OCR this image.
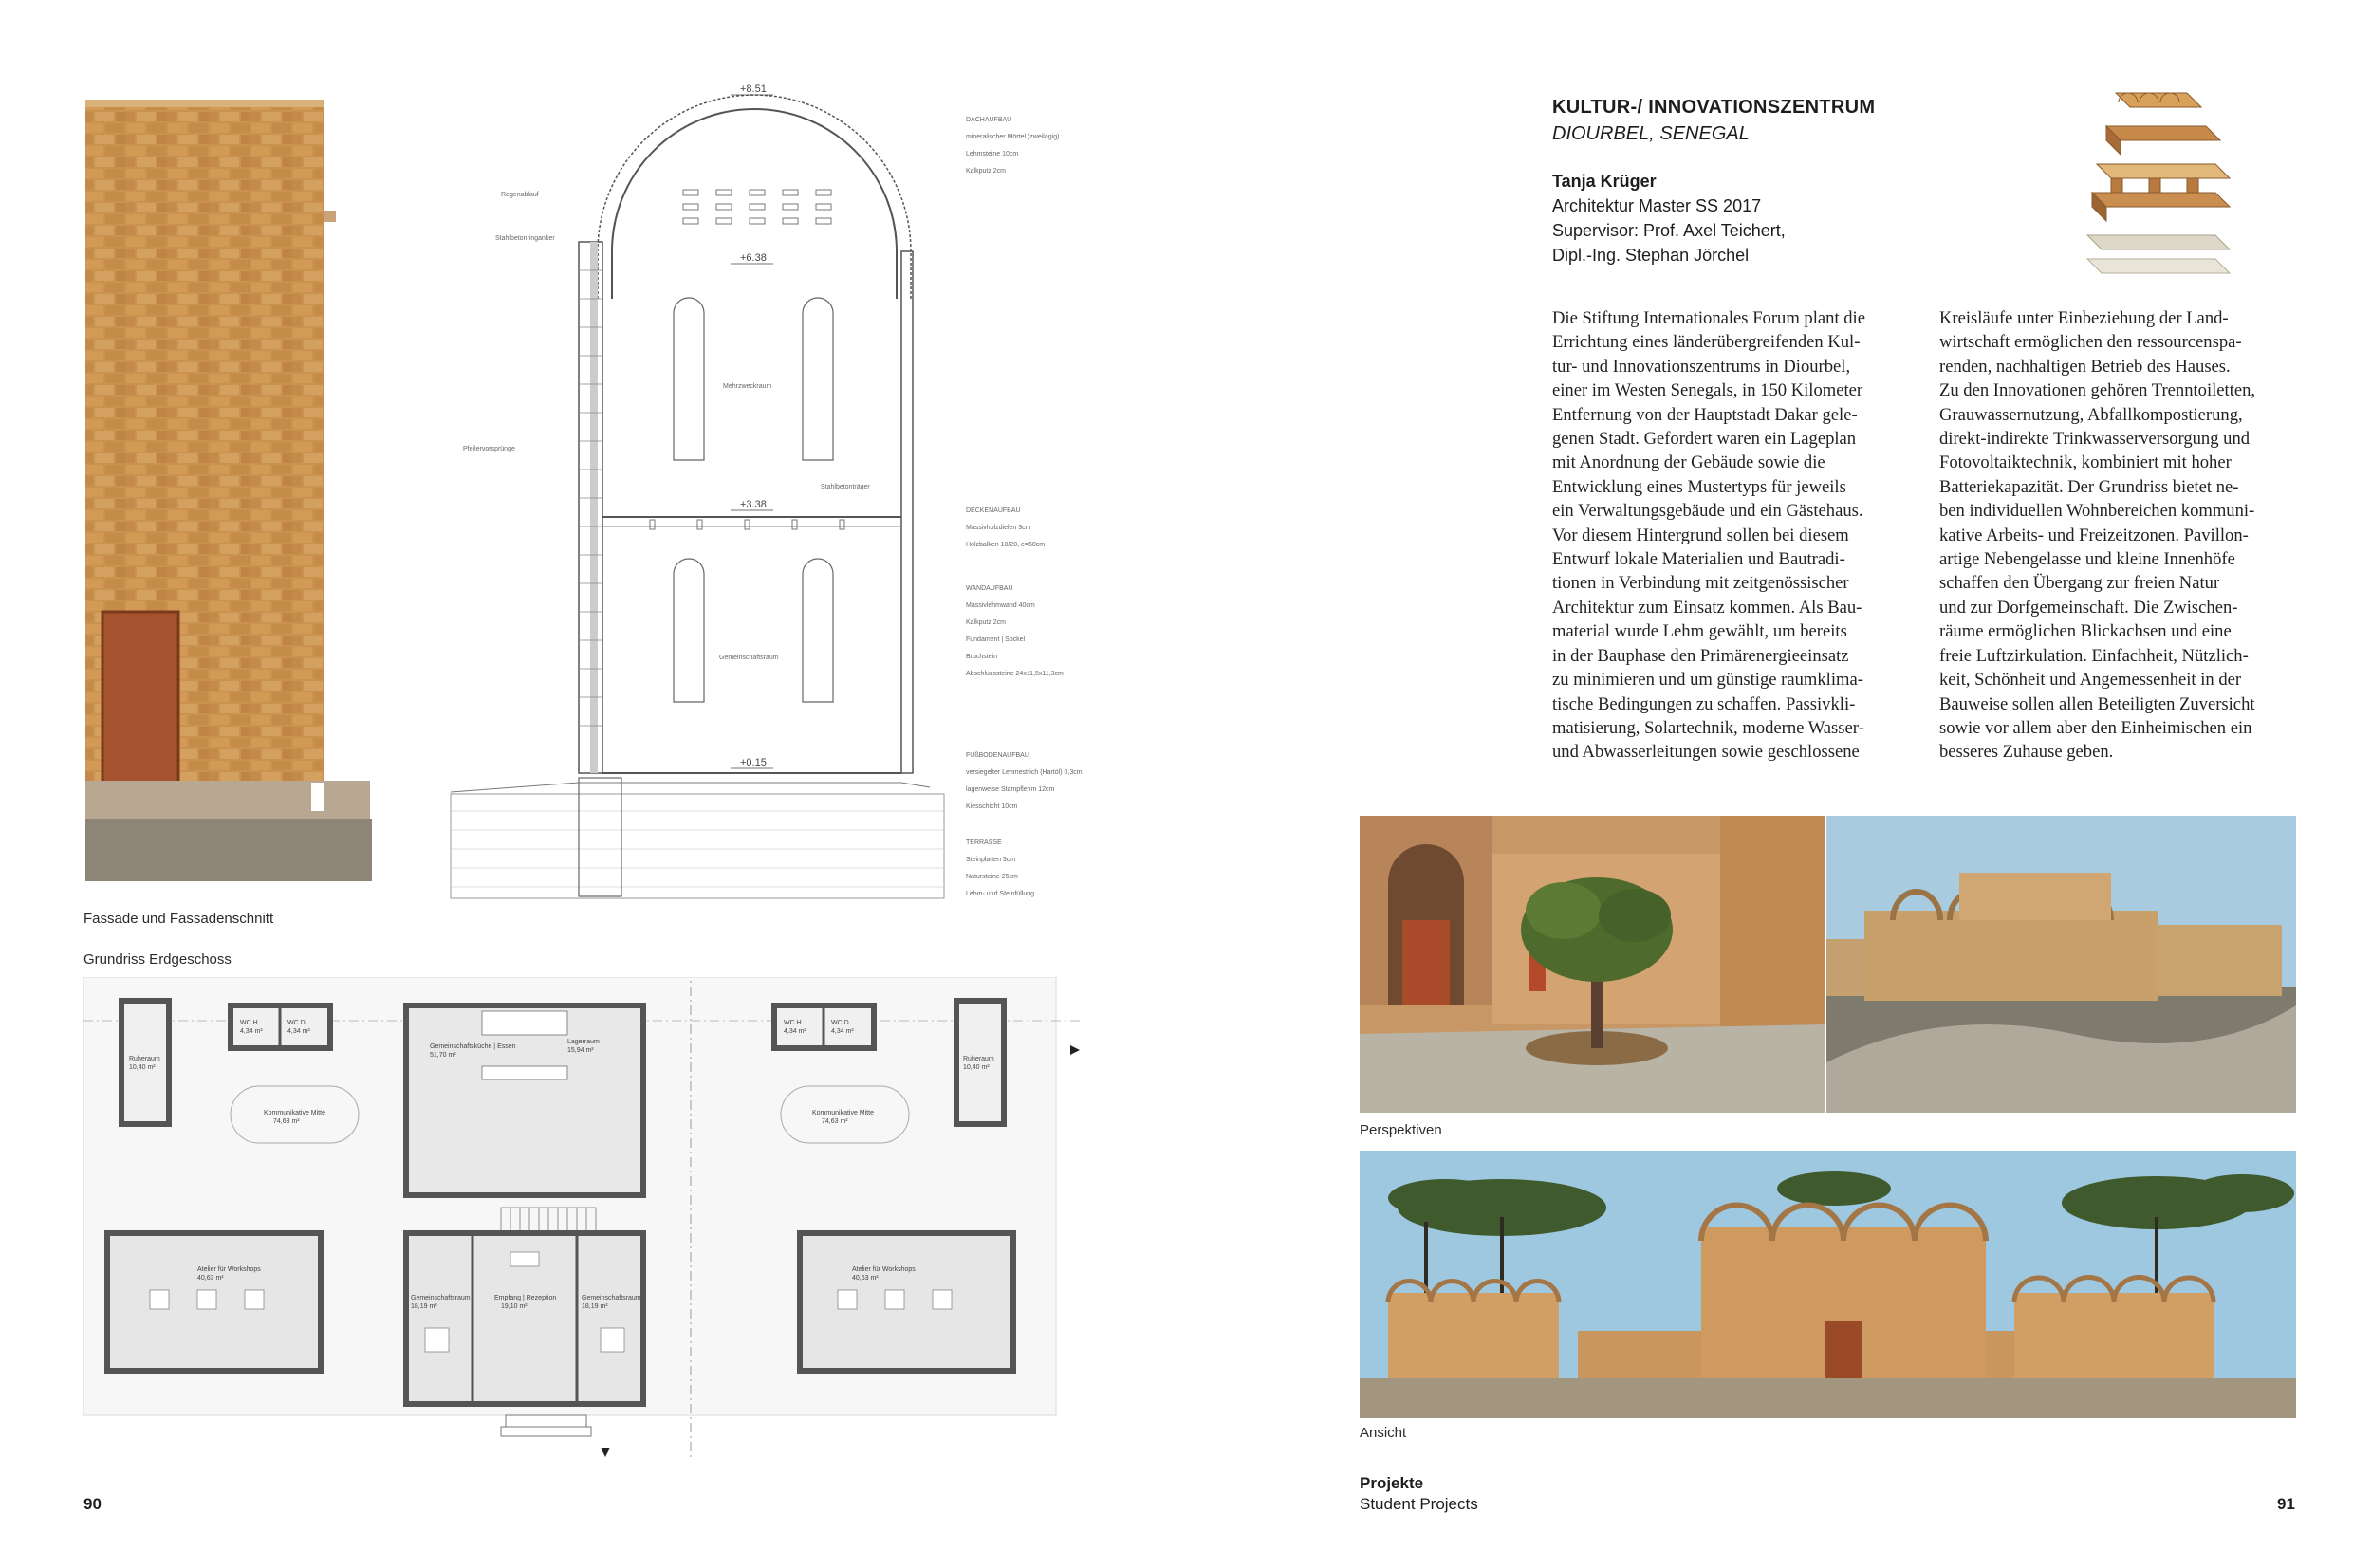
+8.51
+6.38
+3.38
+0.15
Regenablauf
Stahlbetonringanker
Pfeilervorsprünge
Stahlbetonträger
Mehrzweckraum
Gemeinschaftsraum
DACHAUFBAU
mineralischer Mörtel (zweilagig)
Lehmsteine 10cm
Kalkputz 2cm
DECKENAUFBAU
Massivholzdielen 3cm
Holzbalken 10/20, e=60cm
WANDAUFBAU
Massivlehmwand 40cm
Kalkputz 2cm
Fundament | Sockel
Bruchstein
Abschlusssteine 24x11,5x11,3cm
FUßBODENAUFBAU
versiegelter Lehmestrich (Hartöl) 0,3cm
lagenweise Stampflehm 12cm
Kiesschicht 10cm
TERRASSE
Steinplatten 3cm
Natursteine 25cm
Lehm- und Steinfüllung
Fassade und Fassadenschnitt
Grundriss Erdgeschoss
Ruheraum
10,40 m²
WC H
4,34 m²
WC D
4,34 m²
Kommunikative Mitte
74,63 m²
Gemeinschaftsküche | Essen
51,70 m²
Lagerraum
15,94 m²
WC H
4,34 m²
WC D
4,34 m²
Kommunikative Mitte
74,63 m²
Ruheraum
10,40 m²
Atelier für Workshops
40,63 m²
Gemeinschaftsraum
18,19 m²
Empfang | Rezeption
19,10 m²
Gemeinschaftsraum
18,19 m²
Atelier für Workshops
40,63 m²
90
KULTUR-/ INNOVATIONSZENTRUM
DIOURBEL, SENEGAL
Tanja Krüger
Architektur Master SS 2017
Supervisor: Prof. Axel Teichert,
Dipl.-Ing. Stephan Jörchel
Die Stiftung Internationales Forum plant die
Errichtung eines länderübergreifenden Kul-
tur- und Innovationszentrums in Diourbel,
einer im Westen Senegals, in 150 Kilometer
Entfernung von der Hauptstadt Dakar gele-
genen Stadt. Gefordert waren ein Lageplan
mit Anordnung der Gebäude sowie die
Entwicklung eines Mustertyps für jeweils
ein Verwaltungsgebäude und ein Gästehaus.
Vor diesem Hintergrund sollen bei diesem
Entwurf lokale Materialien und Bautradi-
tionen in Verbindung mit zeitgenössischer
Architektur zum Einsatz kommen. Als Bau-
material wurde Lehm gewählt, um bereits
in der Bauphase den Primärenergieeinsatz
zu minimieren und um günstige raumklima-
tische Bedingungen zu schaffen. Passivkli-
matisierung, Solartechnik, moderne Wasser-
und Abwasserleitungen sowie geschlossene
Kreisläufe unter Einbeziehung der Land-
wirtschaft ermöglichen den ressourcenspa-
renden, nachhaltigen Betrieb des Hauses.
Zu den Innovationen gehören Trenntoiletten,
Grauwassernutzung, Abfallkompostierung,
direkt-indirekte Trinkwasserversorgung und
Fotovoltaiktechnik, kombiniert mit hoher
Batteriekapazität. Der Grundriss bietet ne-
ben individuellen Wohnbereichen kommuni-
kative Arbeits- und Freizeitzonen. Pavillon-
artige Nebengelasse und kleine Innenhöfe
schaffen den Übergang zur freien Natur
und zur Dorfgemeinschaft. Die Zwischen-
räume ermöglichen Blickachsen und eine
freie Luftzirkulation. Einfachheit, Nützlich-
keit, Schönheit und Angemessenheit in der
Bauweise sollen allen Beteiligten Zuversicht
sowie vor allem aber den Einheimischen ein
besseres Zuhause geben.
Perspektiven
Ansicht
Projekte
Student Projects	91
